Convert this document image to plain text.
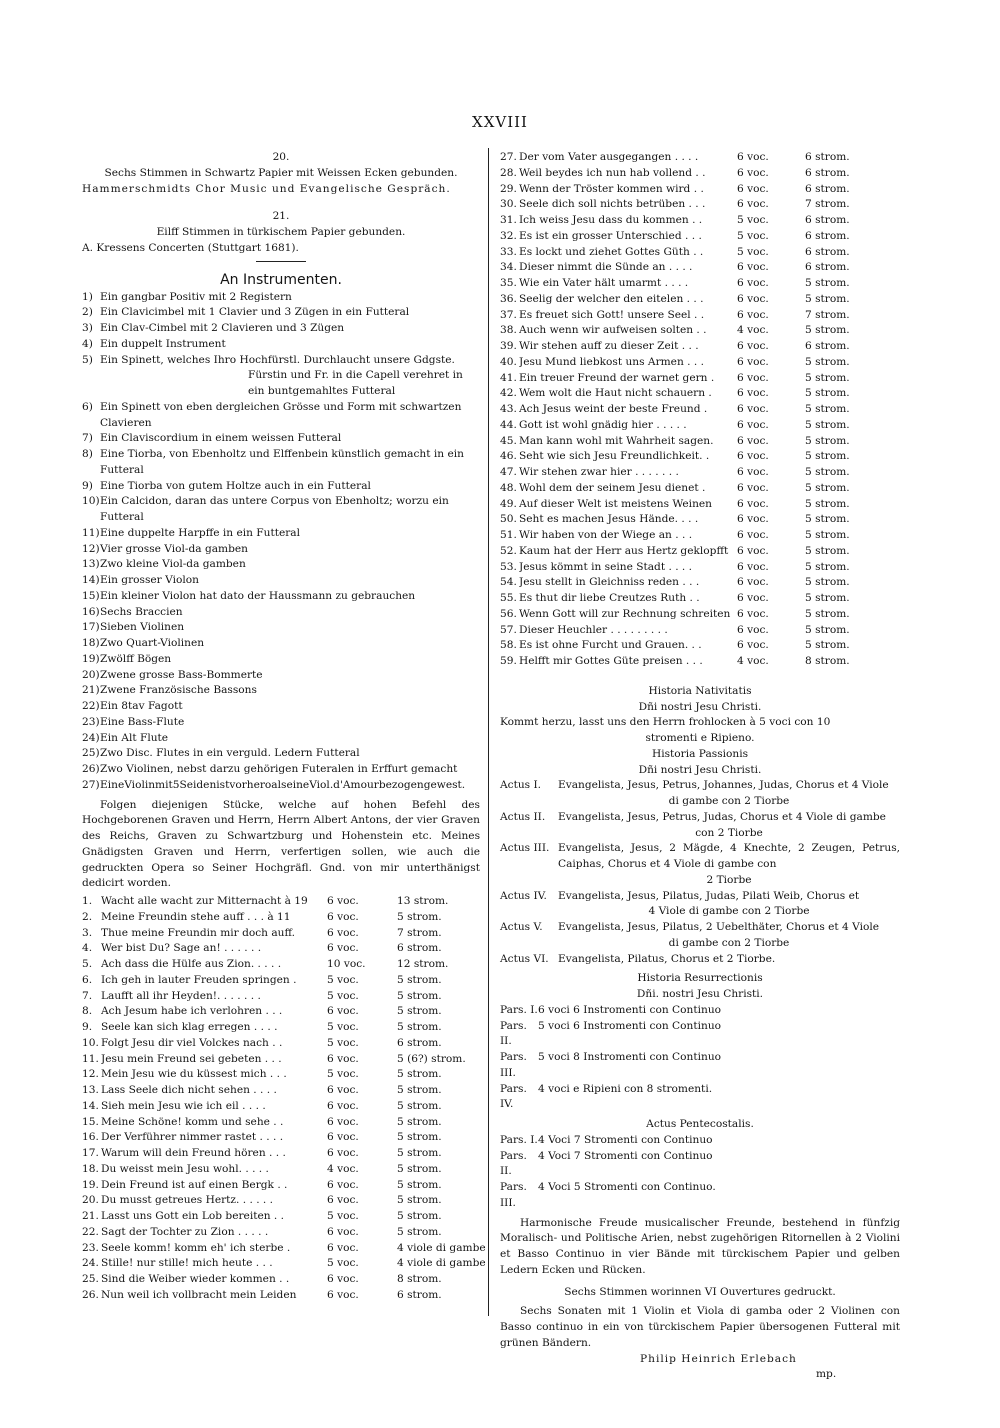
XXVIII
20.
Sechs Stimmen in Schwartz Papier mit Weissen Ecken gebunden.
Hammerschmidts Chor Music und Evangelische Gespräch.
21.
Eilff Stimmen in türkischem Papier gebunden.
A. Kressens Concerten (Stuttgart 1681).
An Instrumenten.
1) Ein gangbar Positiv mit 2 Registern
2) Ein Clavicimbel mit 1 Clavier und 3 Zügen in ein Futteral
3) Ein Clav-Cimbel mit 2 Clavieren und 3 Zügen
4) Ein duppelt Instrument
5) Ein Spinett, welches Ihro Hochfürstl. Durchlaucht unsere Gdgste.
Fürstin und Fr. in die Capell verehret in ein buntgemahltes Futteral
6) Ein Spinett von eben dergleichen Grösse und Form mit schwartzen Clavieren
7) Ein Claviscordium in einem weissen Futteral
8) Eine Tiorba, von Ebenholtz und Elffenbein künstlich gemacht in ein Futteral
9) Eine Tiorba von gutem Holtze auch in ein Futteral
10) Ein Calcidon, daran das untere Corpus von Ebenholtz; worzu ein Futteral
11) Eine duppelte Harpffe in ein Futteral
12) Vier grosse Viol-da gamben
13) Zwo kleine Viol-da gamben
14) Ein grosser Violon
15) Ein kleiner Violon hat dato der Haussmann zu gebrauchen
16) Sechs Braccien
17) Sieben Violinen
18) Zwo Quart-Violinen
19) Zwölff Bögen
20) Zwene grosse Bass-Bommerte
21) Zwene Französische Bassons
22) Ein 8tav Fagott
23) Eine Bass-Flute
24) Ein Alt Flute
25) Zwo Disc. Flutes in ein verguld. Ledern Futteral
26) Zwo Violinen, nebst darzu gehörigen Futeralen in Erffurt gemacht
27) EineViolinmit5SeidenistvorheroalseineViol.d'Amourbezogengewest.
Folgen diejenigen Stücke, welche auf hohen Befehl des Hochgeborenen Graven und Herrn, Herrn Albert Antons, der vier Graven des Reichs, Graven zu Schwartzburg und Hohenstein etc. Meines Gnädigsten Graven und Herrn, verfertigen sollen, wie auch die gedruckten Opera so Seiner Hochgräfl. Gnd. von mir unterthänigst dedicirt worden.
1. Wacht alle wacht zur Mitternacht à 19	6 voc.	13 strom.
2. Meine Freundin stehe auff . . . à 11	6 voc.	5 strom.
3. Thue meine Freundin mir doch auff.	6 voc.	7 strom.
4. Wer bist Du? Sage an! . . . . . .	6 voc.	6 strom.
5. Ach dass die Hülfe aus Zion. . . . .	10 voc.	12 strom.
6. Ich geh in lauter Freuden springen .	5 voc.	5 strom.
7. Laufft all ihr Heyden!. . . . . . .	5 voc.	5 strom.
8. Ach Jesum habe ich verlohren . . .	6 voc.	5 strom.
9. Seele kan sich klag erregen . . . .	5 voc.	5 strom.
10. Folgt Jesu dir viel Volckes nach . .	5 voc.	6 strom.
11. Jesu mein Freund sei gebeten . . .	6 voc.	5 (6?) strom.
12. Mein Jesu wie du küssest mich . . .	5 voc.	5 strom.
13. Lass Seele dich nicht sehen . . . .	6 voc.	5 strom.
14. Sieh mein Jesu wie ich eil . . . .	6 voc.	5 strom.
15. Meine Schöne! komm und sehe . .	6 voc.	5 strom.
16. Der Verführer nimmer rastet . . . .	6 voc.	5 strom.
17. Warum will dein Freund hören . . .	6 voc.	5 strom.
18. Du weisst mein Jesu wohl. . . . .	4 voc.	5 strom.
19. Dein Freund ist auf einen Bergk . .	6 voc.	5 strom.
20. Du musst getreues Hertz. . . . . .	6 voc.	5 strom.
21. Lasst uns Gott ein Lob bereiten . .	5 voc.	5 strom.
22. Sagt der Tochter zu Zion . . . . .	6 voc.	5 strom.
23. Seele komm! komm eh' ich sterbe .	6 voc.	4 viole di gambe
24. Stille! nur stille! mich heute . . .	5 voc.	4 viole di gambe
25. Sind die Weiber wieder kommen . .	6 voc.	8 strom.
26. Nun weil ich vollbracht mein Leiden	6 voc.	6 strom.
27. Der vom Vater ausgegangen . . . .	6 voc.	6 strom.
28. Weil beydes ich nun hab vollend . .	6 voc.	6 strom.
29. Wenn der Tröster kommen wird . .	6 voc.	6 strom.
30. Seele dich soll nichts betrüben . . .	6 voc.	7 strom.
31. Ich weiss Jesu dass du kommen . .	5 voc.	6 strom.
32. Es ist ein grosser Unterschied . . .	5 voc.	6 strom.
33. Es lockt und ziehet Gottes Güth . .	5 voc.	6 strom.
34. Dieser nimmt die Sünde an . . . .	6 voc.	6 strom.
35. Wie ein Vater hält umarmt . . . .	6 voc.	5 strom.
36. Seelig der welcher den eitelen . . .	6 voc.	5 strom.
37. Es freuet sich Gott! unsere Seel . .	6 voc.	7 strom.
38. Auch wenn wir aufweisen solten . .	4 voc.	5 strom.
39. Wir stehen auff zu dieser Zeit . . .	6 voc.	6 strom.
40. Jesu Mund liebkost uns Armen . . .	6 voc.	5 strom.
41. Ein treuer Freund der warnet gern .	6 voc.	5 strom.
42. Wem wolt die Haut nicht schauern .	6 voc.	5 strom.
43. Ach Jesus weint der beste Freund .	6 voc.	5 strom.
44. Gott ist wohl gnädig hier . . . . .	6 voc.	5 strom.
45. Man kann wohl mit Wahrheit sagen.	6 voc.	5 strom.
46. Seht wie sich Jesu Freundlichkeit. .	6 voc.	5 strom.
47. Wir stehen zwar hier . . . . . . .	6 voc.	5 strom.
48. Wohl dem der seinem Jesu dienet .	6 voc.	5 strom.
49. Auf dieser Welt ist meistens Weinen	6 voc.	5 strom.
50. Seht es machen Jesus Hände. . . .	6 voc.	5 strom.
51. Wir haben von der Wiege an . . .	6 voc.	5 strom.
52. Kaum hat der Herr aus Hertz geklopfft 6 voc.	5 strom.
53. Jesus kömmt in seine Stadt . . . .	6 voc.	5 strom.
54. Jesu stellt in Gleichniss reden . . .	6 voc.	5 strom.
55. Es thut dir liebe Creutzes Ruth . .	6 voc.	5 strom.
56. Wenn Gott will zur Rechnung schreiten 6 voc.	5 strom.
57. Dieser Heuchler . . . . . . . . .	6 voc.	5 strom.
58. Es ist ohne Furcht und Grauen. . .	6 voc.	5 strom.
59. Helfft mir Gottes Güte preisen . . .	4 voc.	8 strom.
Historia Nativitatis
Dñi nostri Jesu Christi.
Kommt herzu, lasst uns den Herrn frohlocken à 5 voci con 10
stromenti e Ripieno.
Historia Passionis
Dñi nostri Jesu Christi.
Actus I.	Evangelista, Jesus, Petrus, Johannes, Judas, Chorus et 4 Viole
di gambe con 2 Tiorbe
Actus II.	Evangelista, Jesus, Petrus, Judas, Chorus et 4 Viole di gambe
con 2 Tiorbe
Actus III. Evangelista, Jesus, 2 Mägde, 4 Knechte, 2 Zeugen, Petrus, Caiphas, Chorus et 4 Viole di gambe con
2 Tiorbe
Actus IV.	Evangelista, Jesus, Pilatus, Judas, Pilati Weib, Chorus et
4 Viole di gambe con 2 Tiorbe
Actus V.	Evangelista, Jesus, Pilatus, 2 Uebelthäter, Chorus et 4 Viole
di gambe con 2 Tiorbe
Actus VI. Evangelista, Pilatus, Chorus et 2 Tiorbe.
Historia Resurrectionis
Dñi. nostri Jesu Christi.
Pars. I. 6 voci 6 Instromenti con Continuo
Pars. II.
5 voci 6 Instromenti con Continuo
Pars. III.
5 voci 8 Instromenti con Continuo
Pars. IV.
4 voci e Ripieni con 8 stromenti.
Actus Pentecostalis.
Pars. I. 4 Voci 7 Stromenti con Continuo
Pars. II.
4 Voci 7 Stromenti con Continuo
Pars. III.
4 Voci 5 Stromenti con Continuo.
Harmonische Freude musicalischer Freunde, bestehend in fünfzig Moralisch- und Politische Arien, nebst zugehörigen Ritornellen à 2 Violini et Basso Continuo in vier Bände mit türckischem Papier und gelben Ledern Ecken und Rücken.
Sechs Stimmen worinnen VI Ouvertures gedruckt.
Sechs Sonaten mit 1 Violin et Viola di gamba oder 2 Violinen con Basso continuo in ein von türckischem Papier übersogenen Futteral mit grünen Bändern.
Philip Heinrich Erlebach
mp.
